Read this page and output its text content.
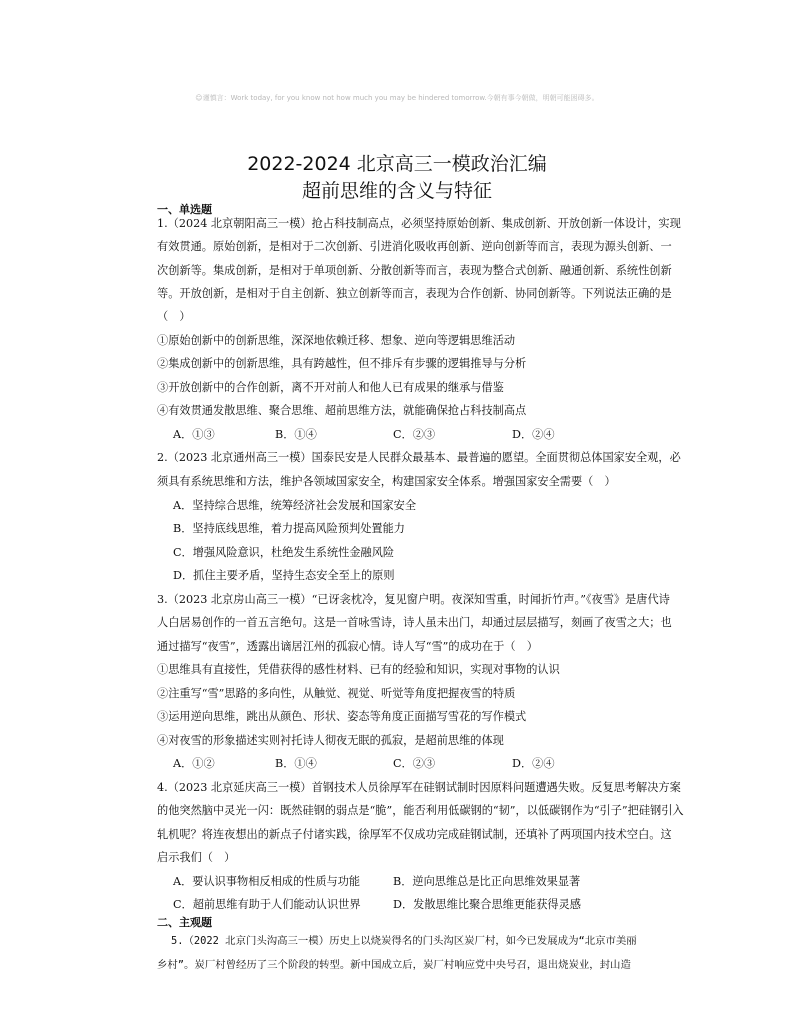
☺谨慎言：Work today, for you know not how much you may be hindered tomorrow.今朝有事今朝做，明朝可能困碍多。
2022-2024 北京高三一模政治汇编
超前思维的含义与特征
一、单选题
1.（2024 北京朝阳高三一模）抢占科技制高点，必须坚持原始创新、集成创新、开放创新一体设计，实现
有效贯通。原始创新，是相对于二次创新、引进消化吸收再创新、逆向创新等而言，表现为源头创新、一
次创新等。集成创新，是相对于单项创新、分散创新等而言，表现为整合式创新、融通创新、系统性创新
等。开放创新，是相对于自主创新、独立创新等而言，表现为合作创新、协同创新等。下列说法正确的是
（　）
①原始创新中的创新思维，深深地依赖迁移、想象、逆向等逻辑思维活动
②集成创新中的创新思维，具有跨越性，但不排斥有步骤的逻辑推导与分析
③开放创新中的合作创新，离不开对前人和他人已有成果的继承与借鉴
④有效贯通发散思维、聚合思维、超前思维方法，就能确保抢占科技制高点
A．①③	B．①④	C．②③	D．②④
2.（2023 北京通州高三一模）国泰民安是人民群众最基本、最普遍的愿望。全面贯彻总体国家安全观，必
须具有系统思维和方法，维护各领域国家安全，构建国家安全体系。增强国家安全需要（　）
A．坚持综合思维，统筹经济社会发展和国家安全
B．坚持底线思维，着力提高风险预判处置能力
C．增强风险意识，杜绝发生系统性金融风险
D．抓住主要矛盾，坚持生态安全至上的原则
3.（2023 北京房山高三一模）“已讶衾枕冷，复见窗户明。夜深知雪重，时闻折竹声。”《夜雪》是唐代诗
人白居易创作的一首五言绝句。这是一首咏雪诗，诗人虽未出门，却通过层层描写，刻画了夜雪之大；也
通过描写“夜雪”，透露出谪居江州的孤寂心情。诗人写“雪”的成功在于（　）
①思维具有直接性，凭借获得的感性材料、已有的经验和知识，实现对事物的认识
②注重写“雪”思路的多向性，从触觉、视觉、听觉等角度把握夜雪的特质
③运用逆向思维，跳出从颜色、形状、姿态等角度正面描写雪花的写作模式
④对夜雪的形象描述实则衬托诗人彻夜无眠的孤寂，是超前思维的体现
A．①②	B．①④	C．②③	D．②④
4.（2023 北京延庆高三一模）首钢技术人员徐厚军在硅钢试制时因原料问题遭遇失败。反复思考解决方案
的他突然脑中灵光一闪：既然硅钢的弱点是“脆”，能否利用低碳钢的“韧”，以低碳钢作为“引子”把硅钢引入
轧机呢？将连夜想出的新点子付诸实践，徐厚军不仅成功完成硅钢试制，还填补了两项国内技术空白。这
启示我们（　）
A．要认识事物相反相成的性质与功能	B．逆向思维总是比正向思维效果显著
C．超前思维有助于人们能动认识世界	D．发散思维比聚合思维更能获得灵感
二、主观题
5.（2022 北京门头沟高三一模）历史上以烧炭得名的门头沟区炭厂村，如今已发展成为“北京市美丽
乡村”。炭厂村曾经历了三个阶段的转型。新中国成立后，炭厂村响应党中央号召，退出烧炭业，封山造
